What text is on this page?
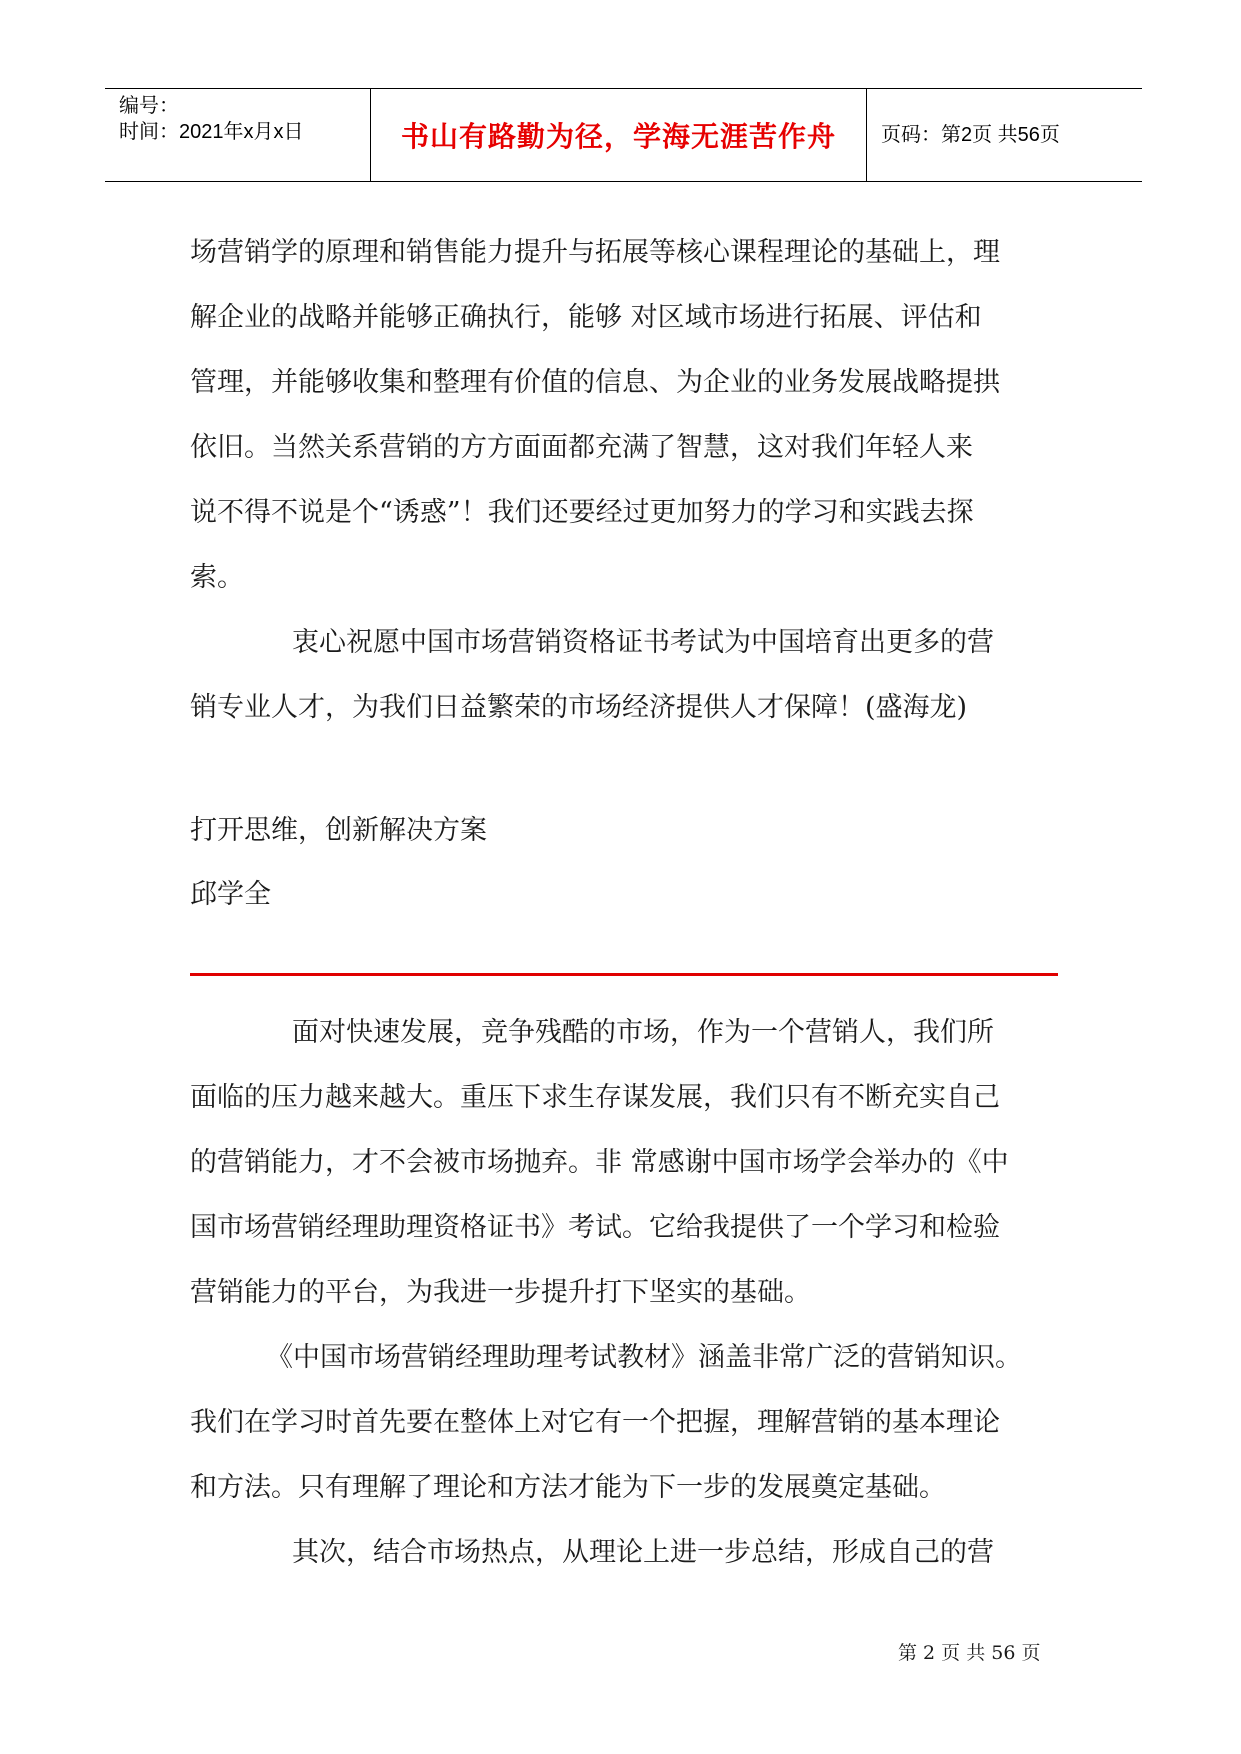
编号：
时间：2021年x月x日	书山有路勤为径，学海无涯苦作舟 页码：第2页 共56页
场营销学的原理和销售能力提升与拓展等核心课程理论的基础上，理
解企业的战略并能够正确执行，能够 对区域市场进行拓展、评估和
管理，并能够收集和整理有价值的信息、为企业的业务发展战略提拱
依旧。当然关系营销的方方面面都充满了智慧，这对我们年轻人来
说不得不说是个“诱惑”！我们还要经过更加努力的学习和实践去探
索。
衷心祝愿中国市场营销资格证书考试为中国培育出更多的营
销专业人才，为我们日益繁荣的市场经济提供人才保障！(盛海龙)
打开思维，创新解决方案
邱学全
面对快速发展，竞争残酷的市场，作为一个营销人，我们所
面临的压力越来越大。重压下求生存谋发展，我们只有不断充实自己
的营销能力，才不会被市场抛弃。非 常感谢中国市场学会举办的《中
国市场营销经理助理资格证书》考试。它给我提供了一个学习和检验
营销能力的平台，为我进一步提升打下坚实的基础。
《中国市场营销经理助理考试教材》涵盖非常广泛的营销知识。
我们在学习时首先要在整体上对它有一个把握，理解营销的基本理论
和方法。只有理解了理论和方法才能为下一步的发展奠定基础。
其次，结合市场热点，从理论上进一步总结，形成自己的营
第 2 页 共 56 页
